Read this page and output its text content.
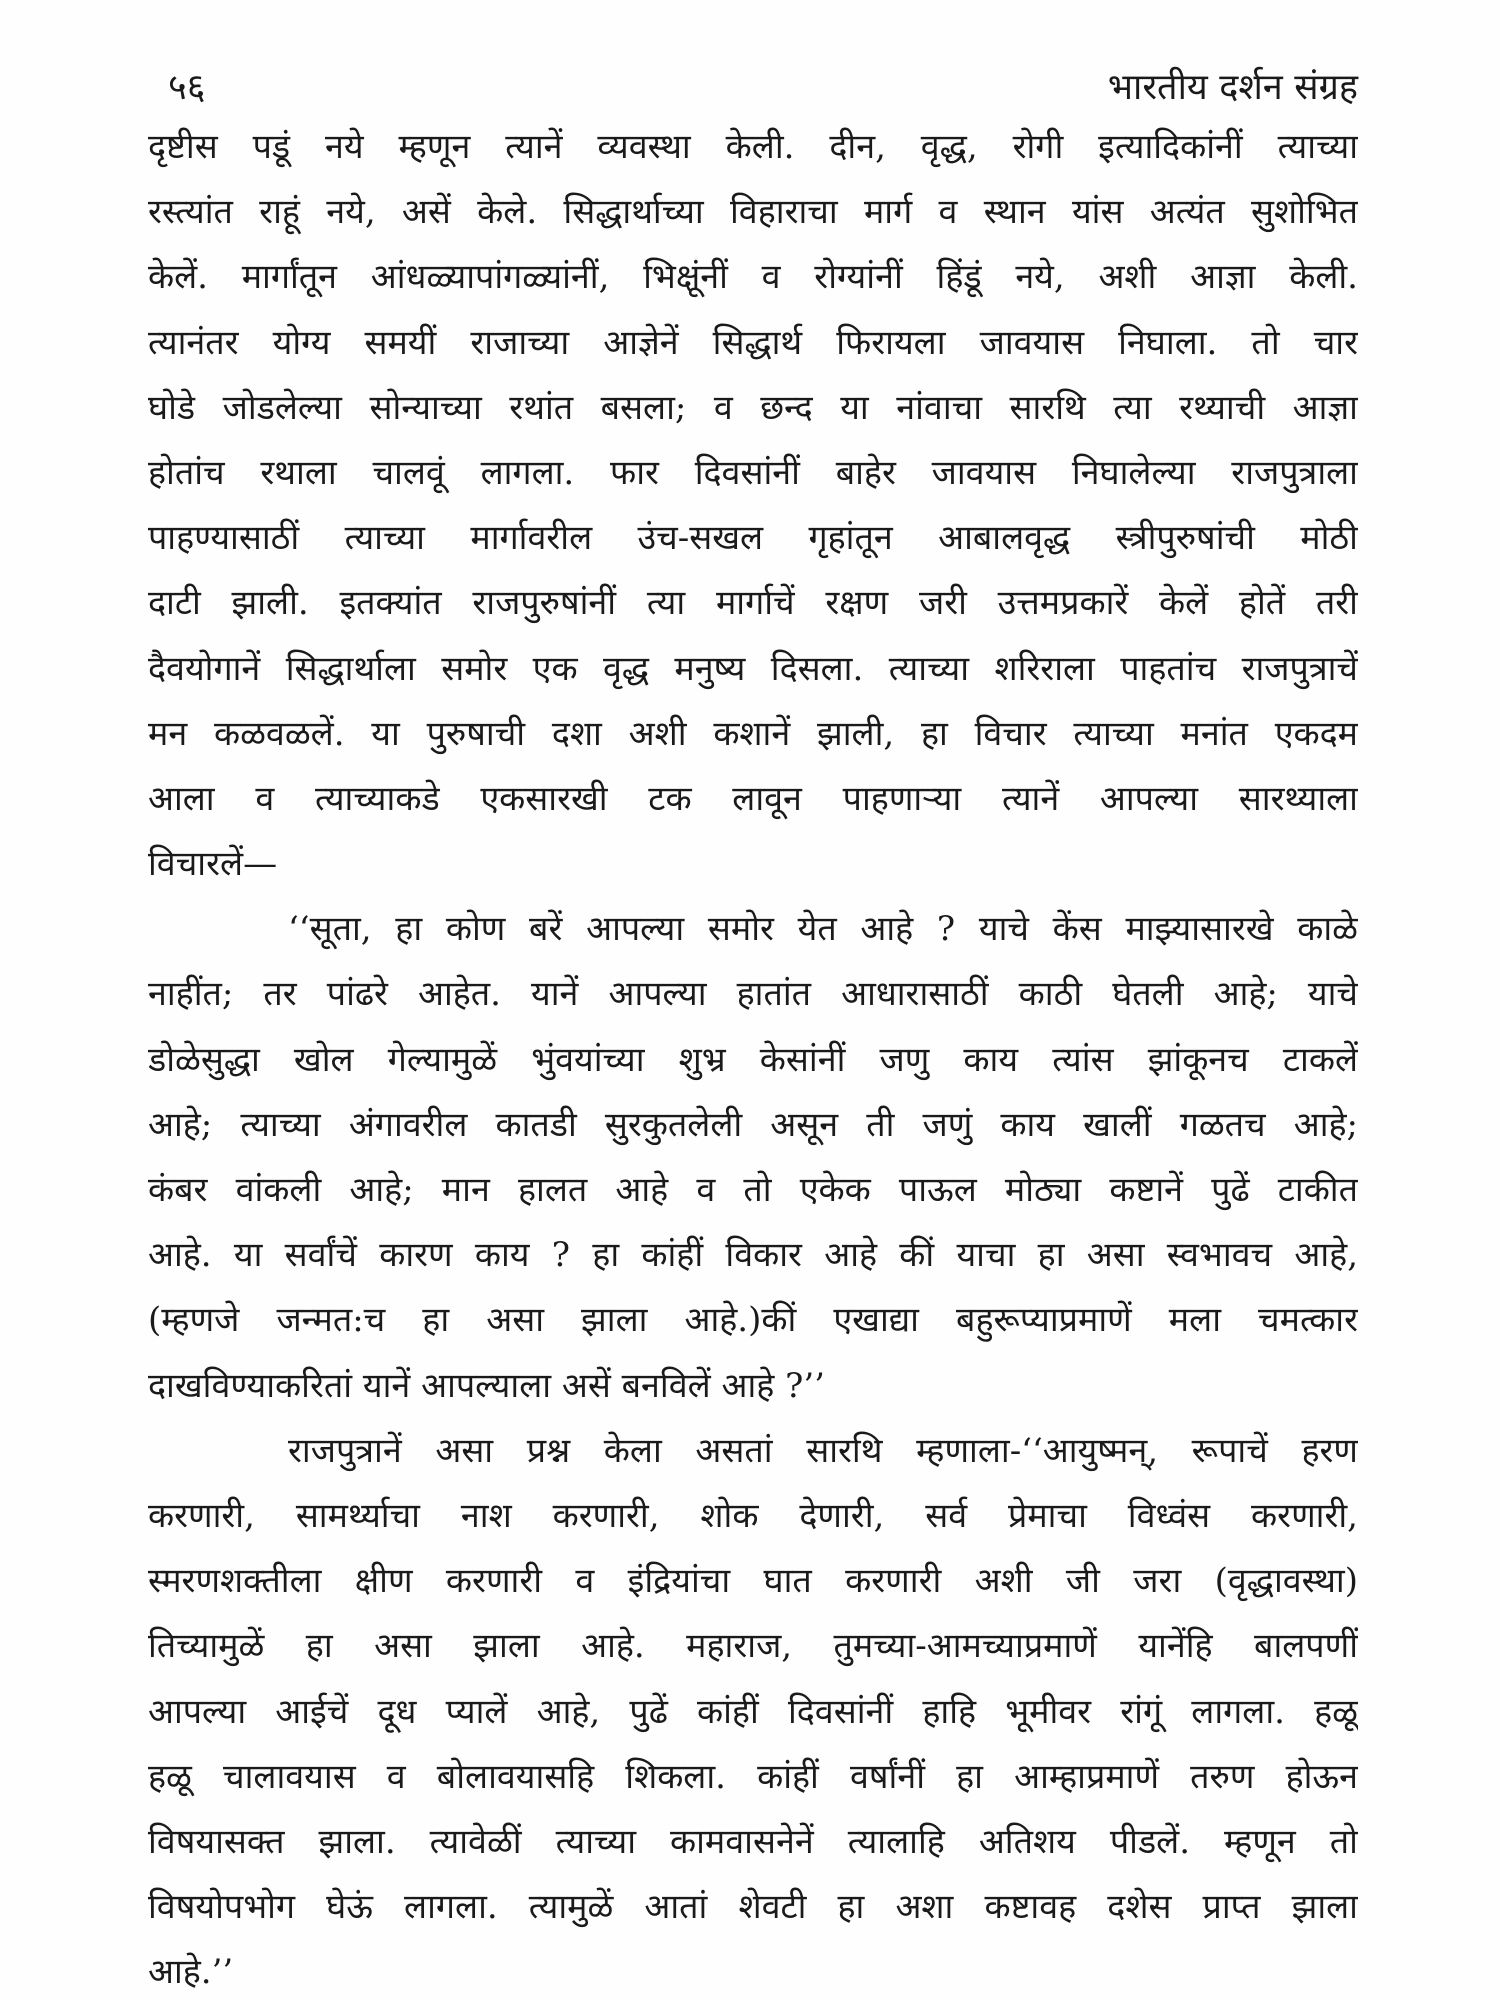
५६	भारतीय दर्शन संग्रह
दृष्टीस पडूं नये म्हणून त्यानें व्यवस्था केली. दीन, वृद्ध, रोगी इत्यादिकांनीं त्याच्या
रस्त्यांत राहूं नये, असें केले. सिद्धार्थाच्या विहाराचा मार्ग व स्थान यांस अत्यंत सुशोभित
केलें. मार्गांतून आंधळ्यापांगळ्यांनीं, भिक्षूंनीं व रोग्यांनीं हिंडूं नये, अशी आज्ञा केली.
त्यानंतर योग्य समयीं राजाच्या आज्ञेनें सिद्धार्थ फिरायला जावयास निघाला. तो चार
घोडे जोडलेल्या सोन्याच्या रथांत बसला; व छन्द या नांवाचा सारथि त्या रथ्याची आज्ञा
होतांच रथाला चालवूं लागला. फार दिवसांनीं बाहेर जावयास निघालेल्या राजपुत्राला
पाहण्यासाठीं त्याच्या मार्गावरील उंच-सखल गृहांतून आबालवृद्ध स्त्रीपुरुषांची मोठी
दाटी झाली. इतक्यांत राजपुरुषांनीं त्या मार्गाचें रक्षण जरी उत्तमप्रकारें केलें होतें तरी
दैवयोगानें सिद्धार्थाला समोर एक वृद्ध मनुष्य दिसला. त्याच्या शरिराला पाहतांच राजपुत्राचें
मन कळवळलें. या पुरुषाची दशा अशी कशानें झाली, हा विचार त्याच्या मनांत एकदम
आला व त्याच्याकडे एकसारखी टक लावून पाहणाऱ्या त्यानें आपल्या सारथ्याला
विचारलें—
‘‘सूता, हा कोण बरें आपल्या समोर येत आहे ? याचे केंस माझ्यासारखे काळे
नाहींत; तर पांढरे आहेत. यानें आपल्या हातांत आधारासाठीं काठी घेतली आहे; याचे
डोळेसुद्धा खोल गेल्यामुळें भुंवयांच्या शुभ्र केसांनीं जणु काय त्यांस झांकूनच टाकलें
आहे; त्याच्या अंगावरील कातडी सुरकुतलेली असून ती जणुं काय खालीं गळतच आहे;
कंबर वांकली आहे; मान हालत आहे व तो एकेक पाऊल मोठ्या कष्टानें पुढें टाकीत
आहे. या सर्वांचें कारण काय ? हा कांहीं विकार आहे कीं याचा हा असा स्वभावच आहे,
(म्हणजे जन्मत:च हा असा झाला आहे.)कीं एखाद्या बहुरूप्याप्रमाणें मला चमत्कार
दाखविण्याकरितां यानें आपल्याला असें बनविलें आहे ?’’
राजपुत्रानें असा प्रश्न केला असतां सारथि म्हणाला-‘‘आयुष्मन्, रूपाचें हरण
करणारी, सामर्थ्याचा नाश करणारी, शोक देणारी, सर्व प्रेमाचा विध्वंस करणारी,
स्मरणशक्तीला क्षीण करणारी व इंद्रियांचा घात करणारी अशी जी जरा (वृद्धावस्था)
तिच्यामुळें हा असा झाला आहे. महाराज, तुमच्या-आमच्याप्रमाणें यानेंहि बालपणीं
आपल्या आईचें दूध प्यालें आहे, पुढें कांहीं दिवसांनीं हाहि भूमीवर रांगूं लागला. हळू
हळू चालावयास व बोलावयासहि शिकला. कांहीं वर्षांनीं हा आम्हाप्रमाणें तरुण होऊन
विषयासक्त झाला. त्यावेळीं त्याच्या कामवासनेनें त्यालाहि अतिशय पीडलें. म्हणून तो
विषयोपभोग घेऊं लागला. त्यामुळें आतां शेवटी हा अशा कष्टावह दशेस प्राप्त झाला
आहे.’’
